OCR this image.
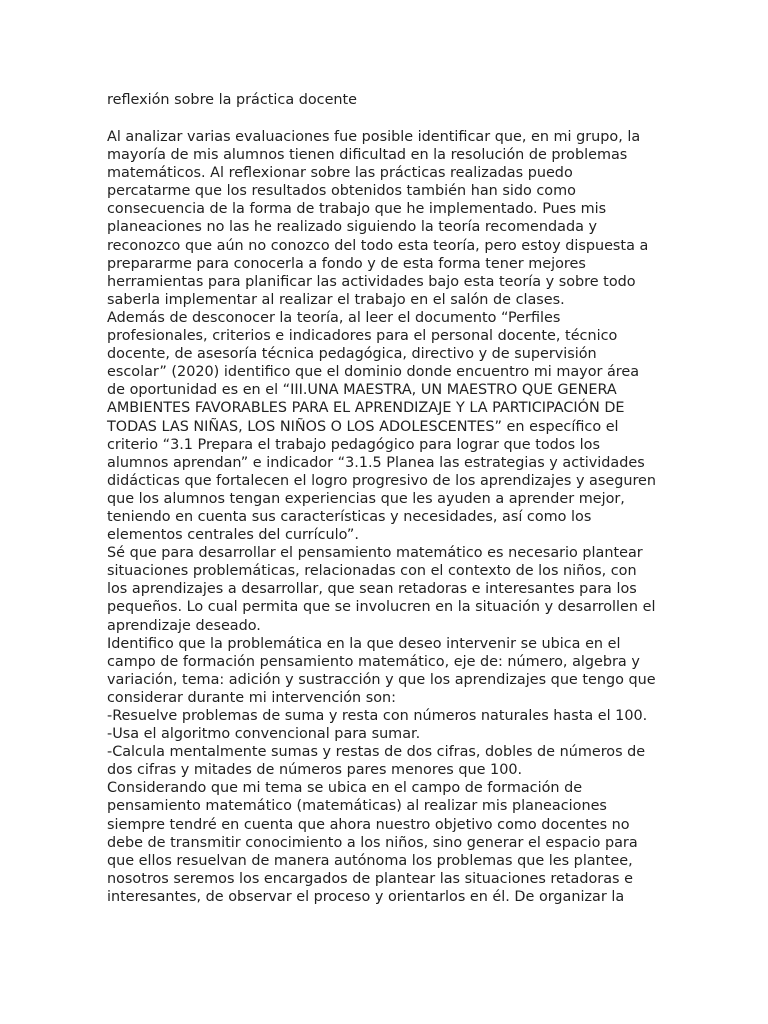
reflexión sobre la práctica docente
Al analizar varias evaluaciones fue posible identificar que, en mi grupo, la
mayoría de mis alumnos tienen dificultad en la resolución de problemas
matemáticos. Al reflexionar sobre las prácticas realizadas puedo
percatarme que los resultados obtenidos también han sido como
consecuencia de la forma de trabajo que he implementado. Pues mis
planeaciones no las he realizado siguiendo la teoría recomendada y
reconozco que aún no conozco del todo esta teoría, pero estoy dispuesta a
prepararme para conocerla a fondo y de esta forma tener mejores
herramientas para planificar las actividades bajo esta teoría y sobre todo
saberla implementar al realizar el trabajo en el salón de clases.
Además de desconocer la teoría, al leer el documento “Perfiles
profesionales, criterios e indicadores para el personal docente, técnico
docente, de asesoría técnica pedagógica, directivo y de supervisión
escolar” (2020) identifico que el dominio donde encuentro mi mayor área
de oportunidad es en el “III.UNA MAESTRA, UN MAESTRO QUE GENERA
AMBIENTES FAVORABLES PARA EL APRENDIZAJE Y LA PARTICIPACIÓN DE
TODAS LAS NIÑAS, LOS NIÑOS O LOS ADOLESCENTES” en específico el
criterio “3.1 Prepara el trabajo pedagógico para lograr que todos los
alumnos aprendan” e indicador “3.1.5 Planea las estrategias y actividades
didácticas que fortalecen el logro progresivo de los aprendizajes y aseguren
que los alumnos tengan experiencias que les ayuden a aprender mejor,
teniendo en cuenta sus características y necesidades, así como los
elementos centrales del currículo”.
Sé que para desarrollar el pensamiento matemático es necesario plantear
situaciones problemáticas, relacionadas con el contexto de los niños, con
los aprendizajes a desarrollar, que sean retadoras e interesantes para los
pequeños. Lo cual permita que se involucren en la situación y desarrollen el
aprendizaje deseado.
Identifico que la problemática en la que deseo intervenir se ubica en el
campo de formación pensamiento matemático, eje de: número, algebra y
variación, tema: adición y sustracción y que los aprendizajes que tengo que
considerar durante mi intervención son:
-Resuelve problemas de suma y resta con números naturales hasta el 100.
-Usa el algoritmo convencional para sumar.
-Calcula mentalmente sumas y restas de dos cifras, dobles de números de
dos cifras y mitades de números pares menores que 100.
Considerando que mi tema se ubica en el campo de formación de
pensamiento matemático (matemáticas) al realizar mis planeaciones
siempre tendré en cuenta que ahora nuestro objetivo como docentes no
debe de transmitir conocimiento a los niños, sino generar el espacio para
que ellos resuelvan de manera autónoma los problemas que les plantee,
nosotros seremos los encargados de plantear las situaciones retadoras e
interesantes, de observar el proceso y orientarlos en él. De organizar la
